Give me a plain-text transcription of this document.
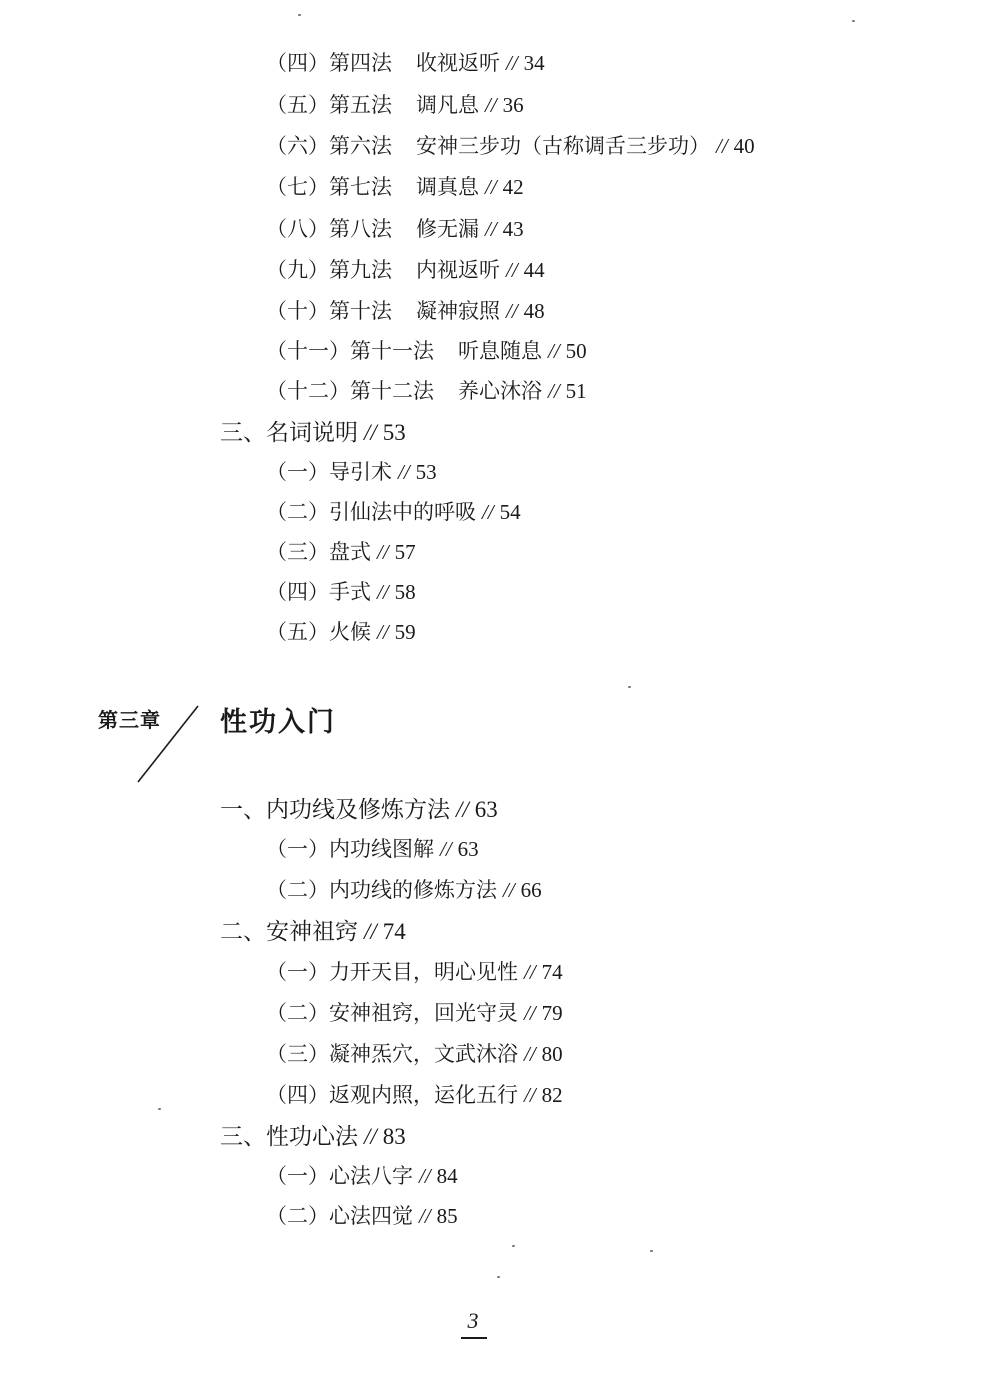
（四）第四法 收视返听 // 34
（五）第五法 调凡息 // 36
（六）第六法 安神三步功（古称调舌三步功） // 40
（七）第七法 调真息 // 42
（八）第八法 修无漏 // 43
（九）第九法 内视返听 // 44
（十）第十法 凝神寂照 // 48
（十一）第十一法 听息随息 // 50
（十二）第十二法 养心沐浴 // 51
三、名词说明 // 53
（一）导引术 // 53
（二）引仙法中的呼吸 // 54
（三）盘式 // 57
（四）手式 // 58
（五）火候 // 59
第三章 性功入门
一、内功线及修炼方法 // 63
（一）内功线图解 // 63
（二）内功线的修炼方法 // 66
二、安神祖窍 // 74
（一）力开天目，明心见性 // 74
（二）安神祖窍，回光守灵 // 79
（三）凝神炁穴，文武沐浴 // 80
（四）返观内照，运化五行 // 82
三、性功心法 // 83
（一）心法八字 // 84
（二）心法四觉 // 85
3
